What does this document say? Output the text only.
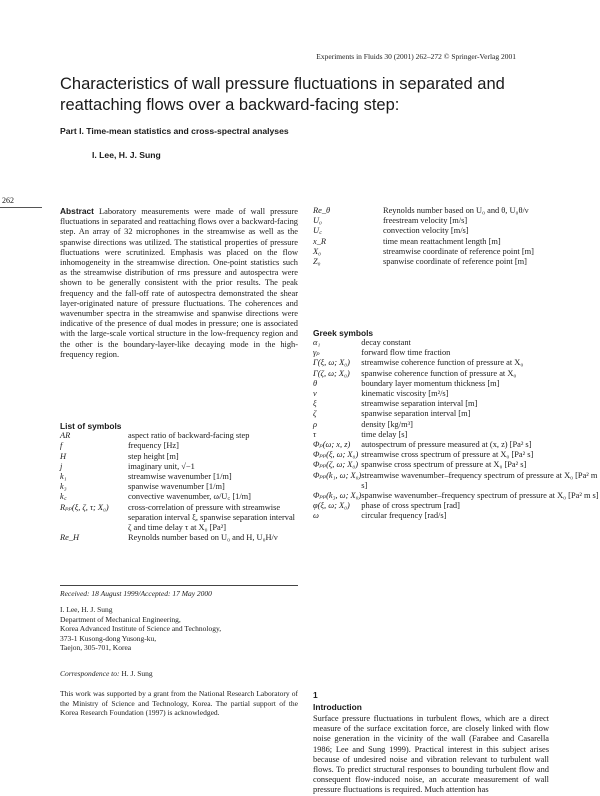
Experiments in Fluids 30 (2001) 262–272 © Springer-Verlag 2001
Characteristics of wall pressure fluctuations in separated and reattaching flows over a backward-facing step:
Part I. Time-mean statistics and cross-spectral analyses
I. Lee, H. J. Sung
262
Abstract Laboratory measurements were made of wall pressure fluctuations in separated and reattaching flows over a backward-facing step. An array of 32 microphones in the streamwise as well as the spanwise directions was utilized. The statistical properties of pressure fluctuations were scrutinized. Emphasis was placed on the flow inhomogeneity in the streamwise direction. One-point statistics such as the streamwise distribution of rms pressure and autospectra were shown to be generally consistent with the prior results. The peak frequency and the fall-off rate of autospectra demonstrated the shear layer-originated nature of pressure fluctuations. The coherences and wavenumber spectra in the streamwise and spanwise directions were indicative of the presence of dual modes in pressure; one is associated with the large-scale vortical structure in the low-frequency region and the other is the boundary-layer-like decaying mode in the high-frequency region.
List of symbols
AR	aspect ratio of backward-facing step
f	frequency [Hz]
H	step height [m]
j	imaginary unit, √−1
k₁	streamwise wavenumber [1/m]
k₃	spanwise wavenumber [1/m]
k꜀	convective wavenumber, ω/U꜀ [1/m]
Rₚₚ(ξ, ζ, τ; X₀)	cross-correlation of pressure with streamwise separation interval ξ, spanwise separation interval ζ and time delay τ at X₀ [Pa²]
Re_H	Reynolds number based on U₀ and H, U₀H/ν
Re_θ	Reynolds number based on U₀ and θ, U₀θ/ν
U₀	freestream velocity [m/s]
U꜀	convection velocity [m/s]
x_R	time mean reattachment length [m]
X₀	streamwise coordinate of reference point [m]
Z₀	spanwise coordinate of reference point [m]
Greek symbols
α₁	decay constant
γₚ	forward flow time fraction
Γ(ξ, ω; X₀)	streamwise coherence function of pressure at X₀
Γ(ζ, ω; X₀)	spanwise coherence function of pressure at X₀
θ	boundary layer momentum thickness [m]
ν	kinematic viscosity [m²/s]
ξ	streamwise separation interval [m]
ζ	spanwise separation interval [m]
ρ	density [kg/m³]
τ	time delay [s]
Φₚ(ω; x, z)	autospectrum of pressure measured at (x, z) [Pa² s]
Φₚₚ(ξ, ω; X₀)	streamwise cross spectrum of pressure at X₀ [Pa² s]
Φₚₚ(ζ, ω; X₀)	spanwise cross spectrum of pressure at X₀ [Pa² s]
Φₚₚ(k₁, ω; X₀)	streamwise wavenumber–frequency spectrum of pressure at X₀ [Pa² m s]
Φₚₚ(k₃, ω; X₀)	spanwise wavenumber–frequency spectrum of pressure at X₀ [Pa² m s]
φ(ξ, ω; X₀)	phase of cross spectrum [rad]
ω	circular frequency [rad/s]
Received: 18 August 1999/Accepted: 17 May 2000
I. Lee, H. J. Sung
Department of Mechanical Engineering,
Korea Advanced Institute of Science and Technology,
373-1 Kusong-dong Yusong-ku,
Taejon, 305-701, Korea
Correspondence to: H. J. Sung
This work was supported by a grant from the National Research Laboratory of the Ministry of Science and Technology, Korea. The partial support of the Korea Research Foundation (1997) is acknowledged.
1
Introduction
Surface pressure fluctuations in turbulent flows, which are a direct measure of the surface excitation force, are closely linked with flow noise generation in the vicinity of the wall (Farabee and Casarella 1986; Lee and Sung 1999). Practical interest in this subject arises because of undesired noise and vibration relevant to turbulent wall flows. To predict structural responses to bounding turbulent flow and consequent flow-induced noise, an accurate measurement of wall pressure fluctuations is required. Much attention has
